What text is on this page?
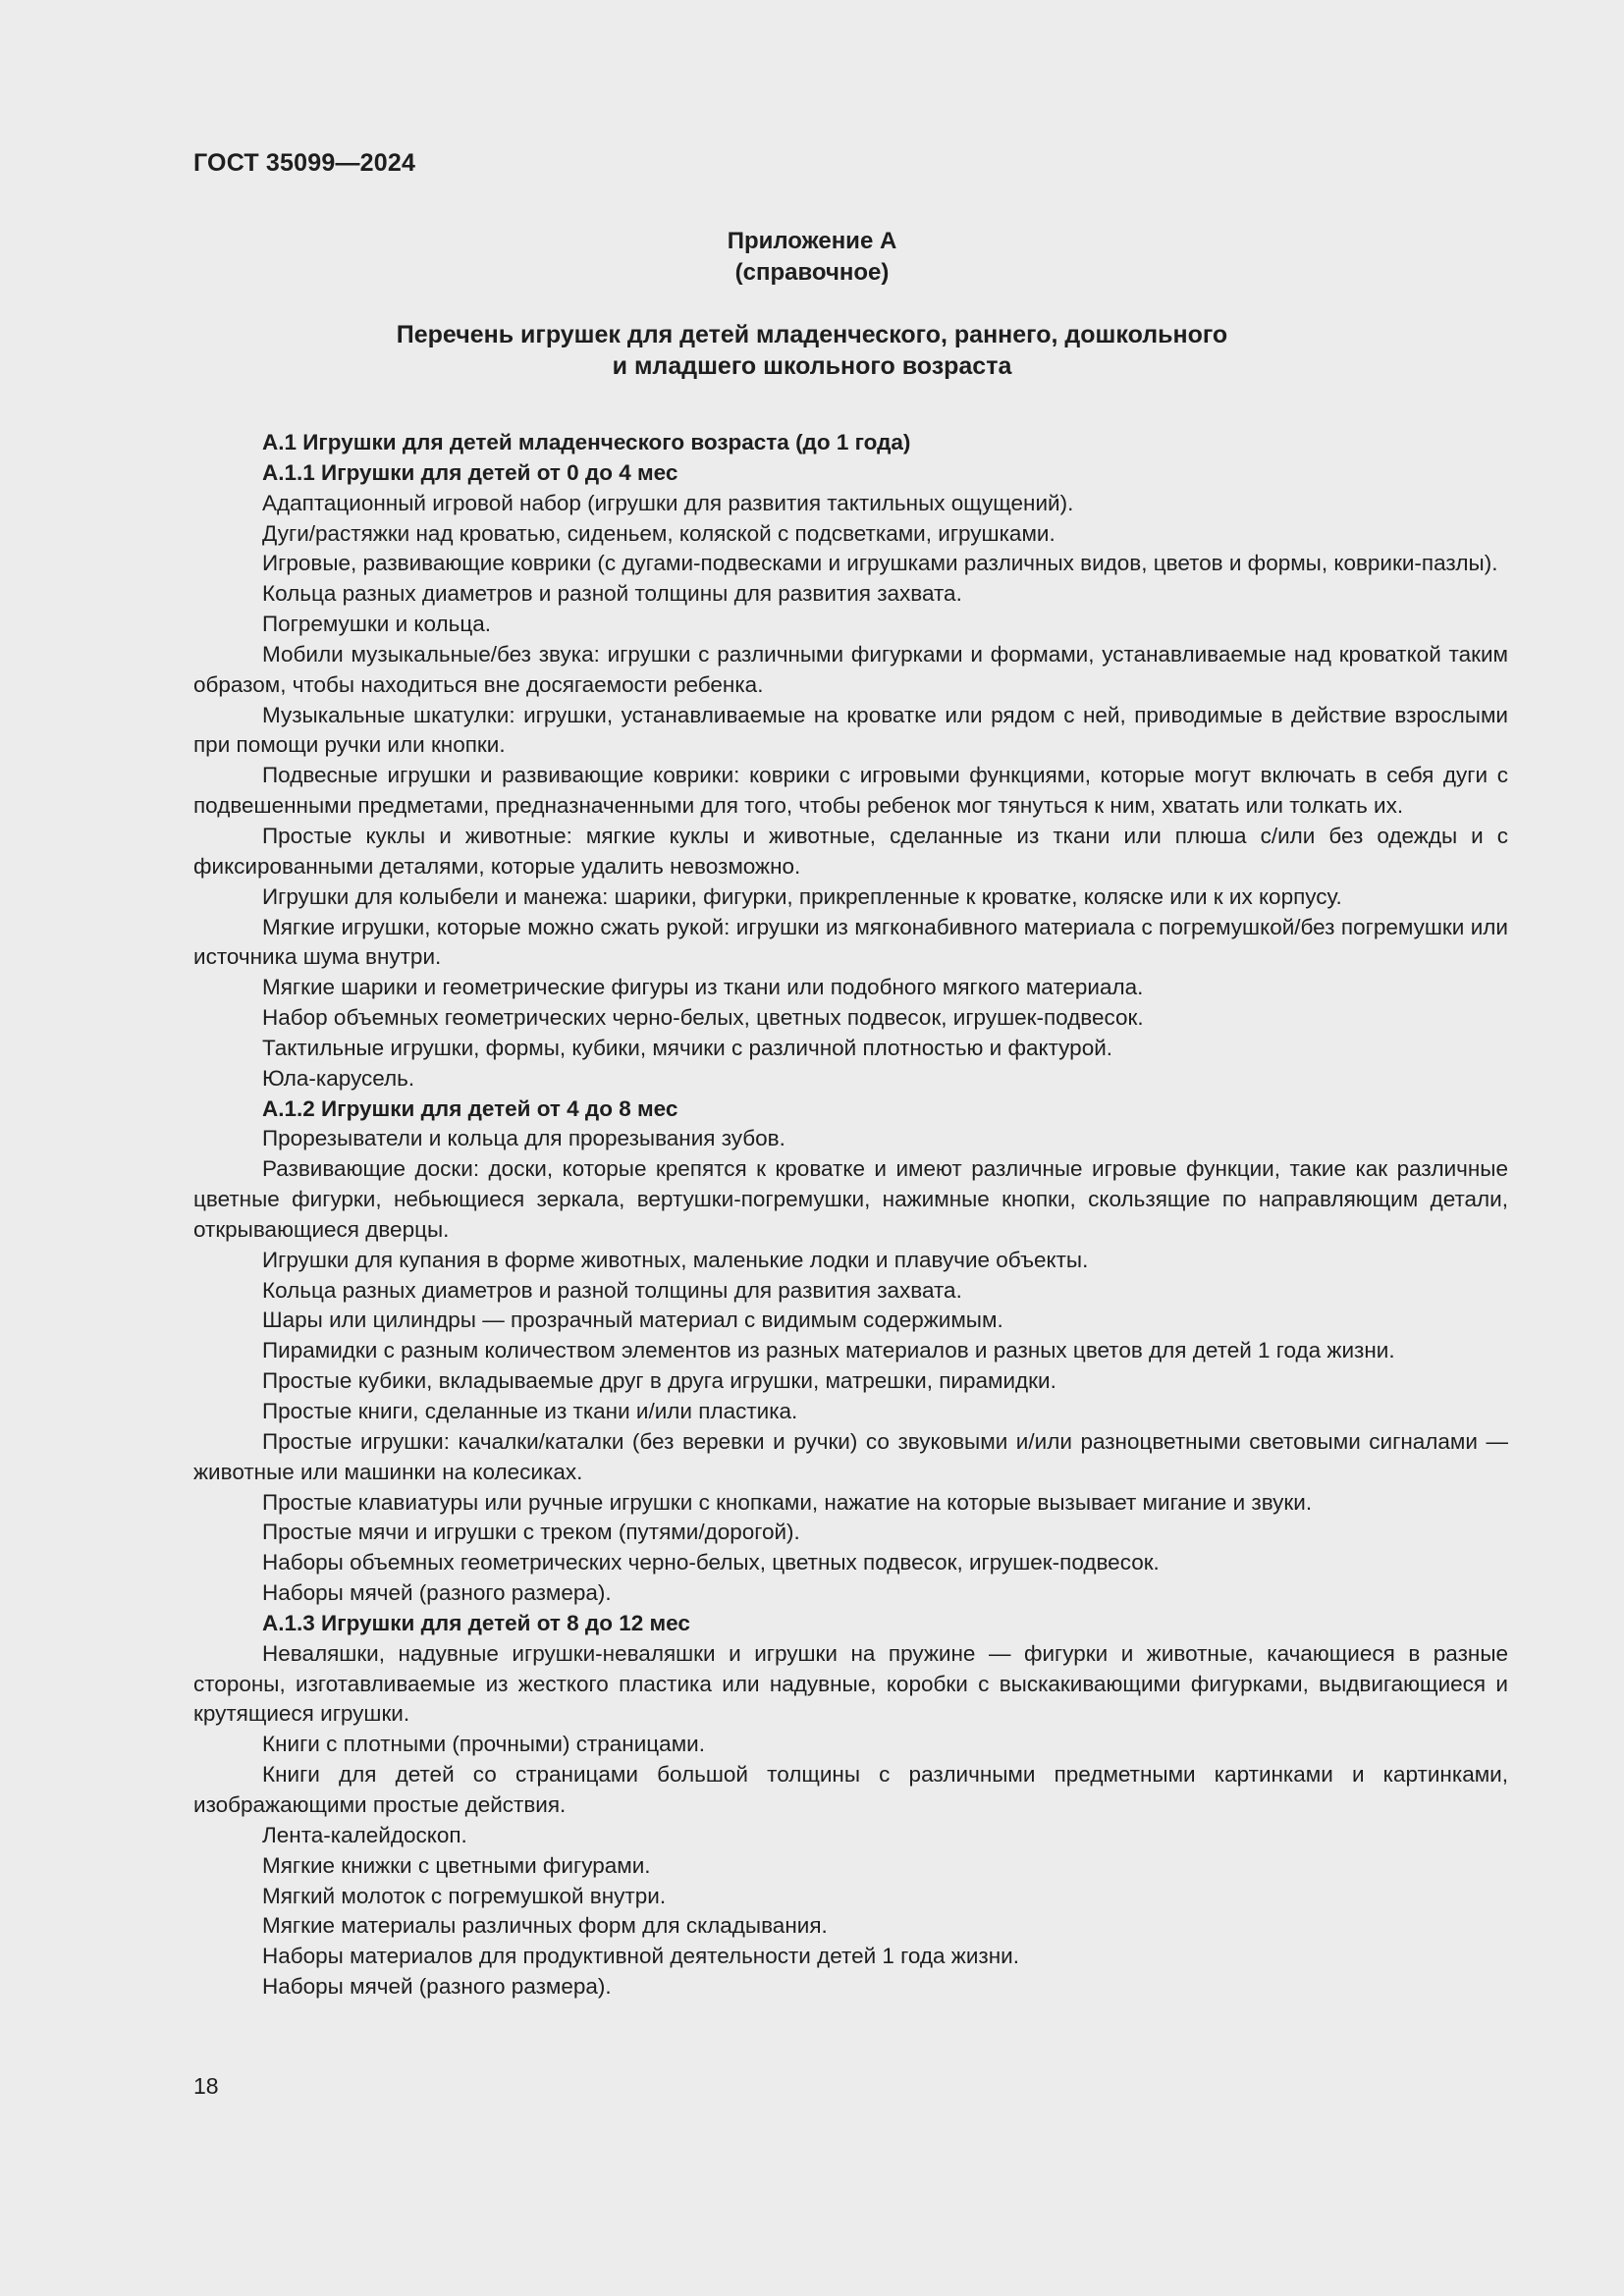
ГОСТ 35099—2024
Приложение А
(справочное)
Перечень игрушек для детей младенческого, раннего, дошкольного
и младшего школьного возраста

А.1 Игрушки для детей младенческого возраста (до 1 года)

А.1.1 Игрушки для детей от 0 до 4 мес

Адаптационный игровой набор (игрушки для развития тактильных ощущений).

Дуги/растяжки над кроватью, сиденьем, коляской с подсветками, игрушками.

Игровые, развивающие коврики (с дугами-подвесками и игрушками различных видов, цветов и формы, коврики-пазлы).

Кольца разных диаметров и разной толщины для развития захвата.

Погремушки и кольца.

Мобили музыкальные/без звука: игрушки с различными фигурками и формами, устанавливаемые над кроваткой таким образом, чтобы находиться вне досягаемости ребенка.

Музыкальные шкатулки: игрушки, устанавливаемые на кроватке или рядом с ней, приводимые в действие взрослыми при помощи ручки или кнопки.

Подвесные игрушки и развивающие коврики: коврики с игровыми функциями, которые могут включать в себя дуги с подвешенными предметами, предназначенными для того, чтобы ребенок мог тянуться к ним, хватать или толкать их.

Простые куклы и животные: мягкие куклы и животные, сделанные из ткани или плюша с/или без одежды и с фиксированными деталями, которые удалить невозможно.

Игрушки для колыбели и манежа: шарики, фигурки, прикрепленные к кроватке, коляске или к их корпусу.

Мягкие игрушки, которые можно сжать рукой: игрушки из мягконабивного материала с погремушкой/без погремушки или источника шума внутри.

Мягкие шарики и геометрические фигуры из ткани или подобного мягкого материала.

Набор объемных геометрических черно-белых, цветных подвесок, игрушек-подвесок.

Тактильные игрушки, формы, кубики, мячики с различной плотностью и фактурой.

Юла-карусель.

А.1.2 Игрушки для детей от 4 до 8 мес

Прорезыватели и кольца для прорезывания зубов.

Развивающие доски: доски, которые крепятся к кроватке и имеют различные игровые функции, такие как различные цветные фигурки, небьющиеся зеркала, вертушки-погремушки, нажимные кнопки, скользящие по направляющим детали, открывающиеся дверцы.

Игрушки для купания в форме животных, маленькие лодки и плавучие объекты.

Кольца разных диаметров и разной толщины для развития захвата.

Шары или цилиндры — прозрачный материал с видимым содержимым.

Пирамидки с разным количеством элементов из разных материалов и разных цветов для детей 1 года жизни.

Простые кубики, вкладываемые друг в друга игрушки, матрешки, пирамидки.

Простые книги, сделанные из ткани и/или пластика.

Простые игрушки: качалки/каталки (без веревки и ручки) со звуковыми и/или разноцветными световыми сигналами — животные или машинки на колесиках.

Простые клавиатуры или ручные игрушки с кнопками, нажатие на которые вызывает мигание и звуки.

Простые мячи и игрушки с треком (путями/дорогой).

Наборы объемных геометрических черно-белых, цветных подвесок, игрушек-подвесок.

Наборы мячей (разного размера).

А.1.3 Игрушки для детей от 8 до 12 мес

Неваляшки, надувные игрушки-неваляшки и игрушки на пружине — фигурки и животные, качающиеся в разные стороны, изготавливаемые из жесткого пластика или надувные, коробки с выскакивающими фигурками, выдвигающиеся и крутящиеся игрушки.

Книги с плотными (прочными) страницами.

Книги для детей со страницами большой толщины с различными предметными картинками и картинками, изображающими простые действия.

Лента-калейдоскоп.

Мягкие книжки с цветными фигурами.

Мягкий молоток с погремушкой внутри.

Мягкие материалы различных форм для складывания.

Наборы материалов для продуктивной деятельности детей 1 года жизни.

Наборы мячей (разного размера).

18
